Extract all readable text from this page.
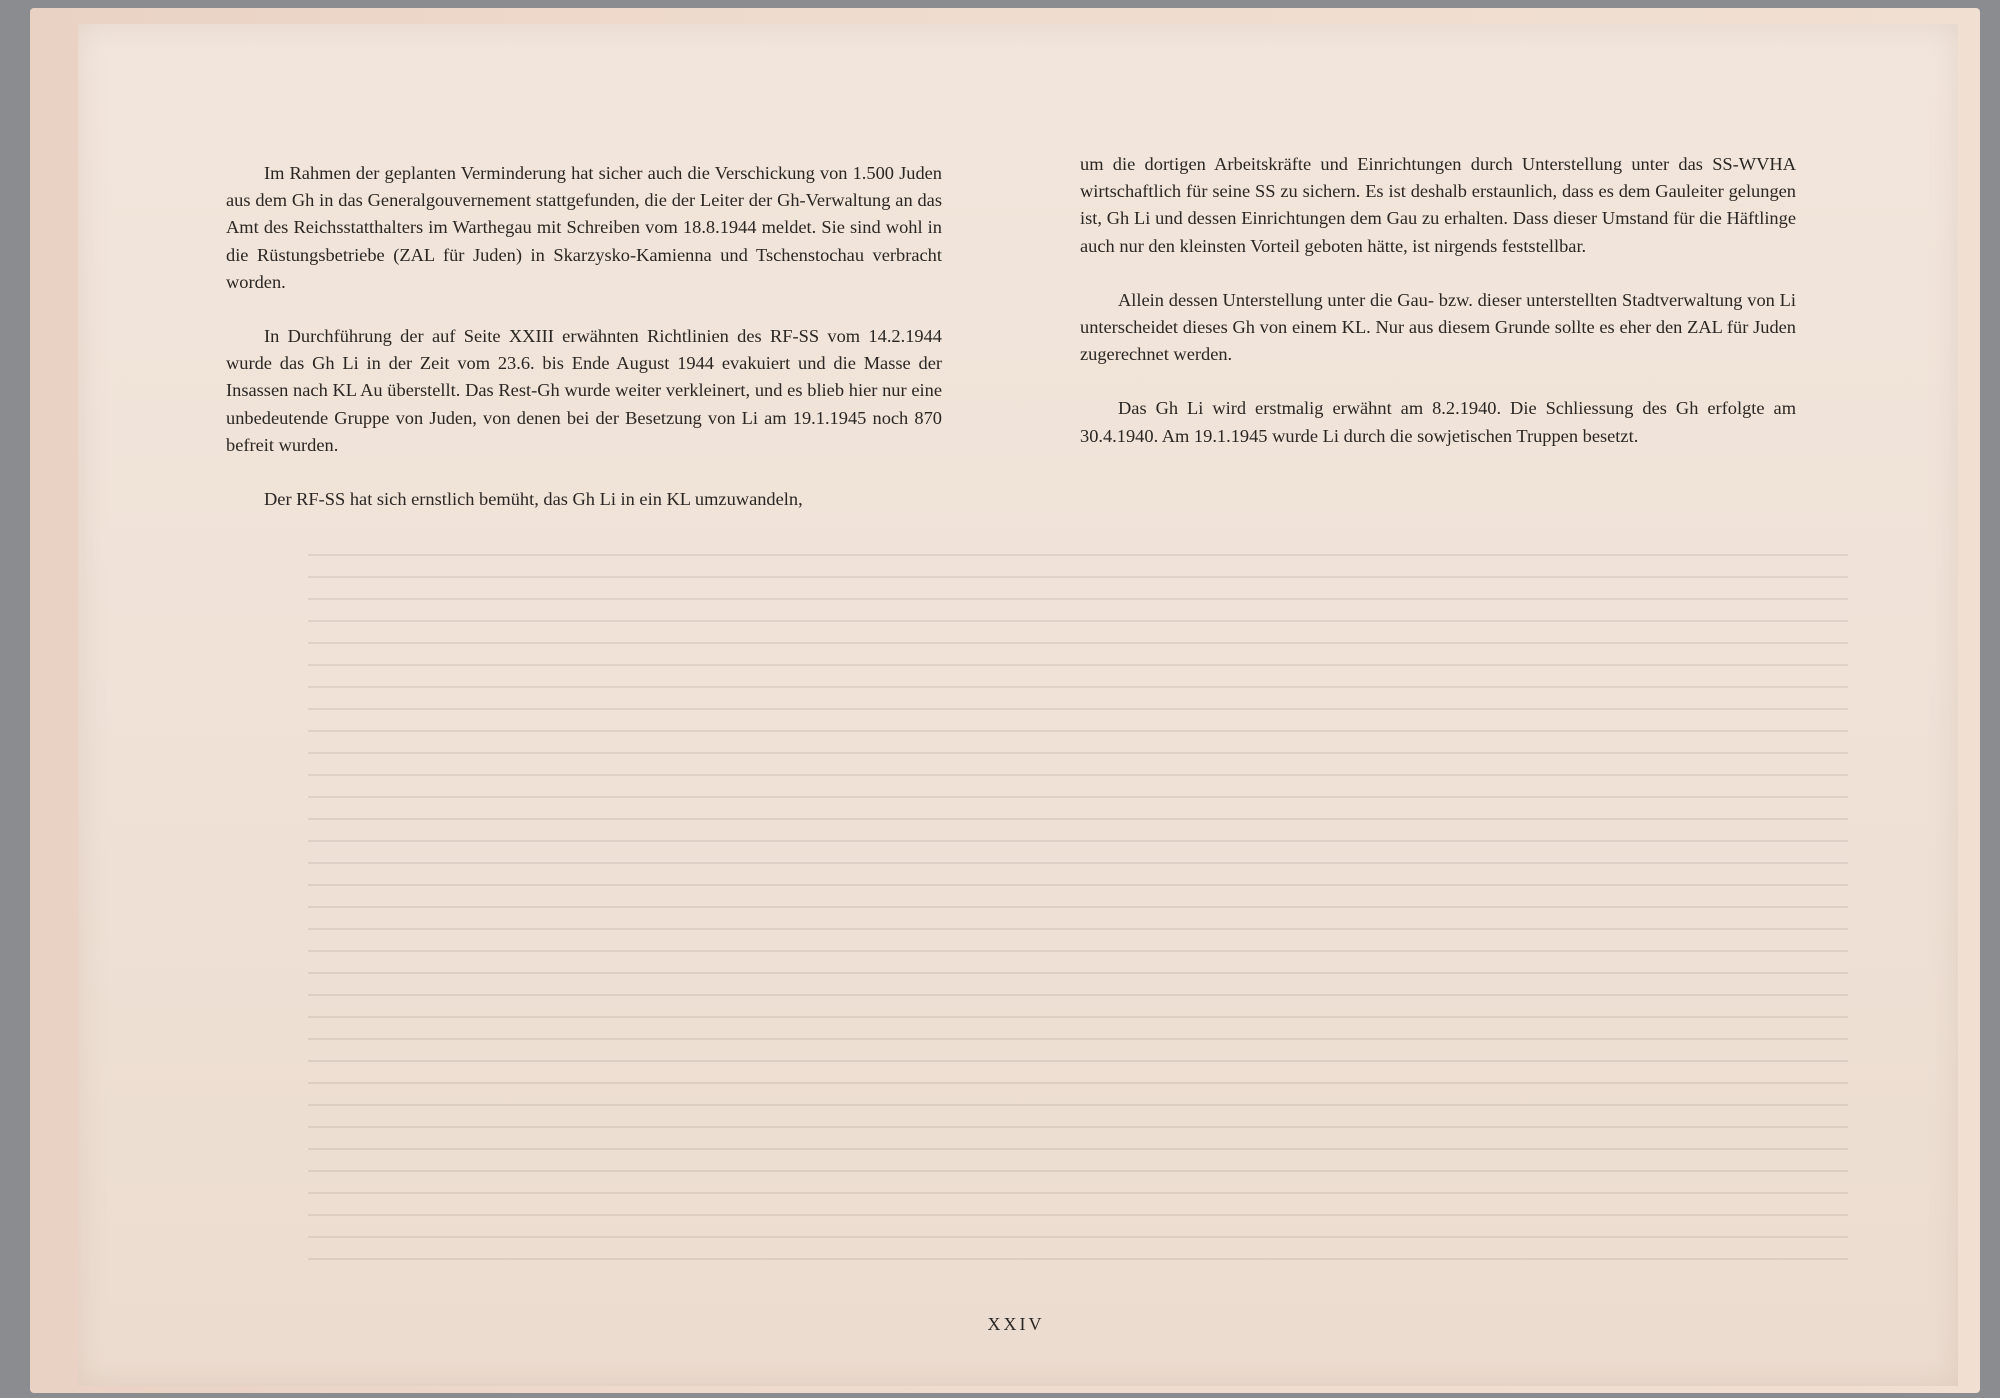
Im Rahmen der geplanten Verminderung hat sicher auch die Verschickung von 1.500 Juden aus dem Gh in das Generalgouvernement stattgefunden, die der Leiter der Gh-Verwaltung an das Amt des Reichsstatthalters im Warthegau mit Schreiben vom 18.8.1944 meldet. Sie sind wohl in die Rüstungsbetriebe (ZAL für Juden) in Skarzysko-Kamienna und Tschenstochau verbracht worden.

In Durchführung der auf Seite XXIII erwähnten Richtlinien des RF-SS vom 14.2.1944 wurde das Gh Li in der Zeit vom 23.6. bis Ende August 1944 evakuiert und die Masse der Insassen nach KL Au überstellt. Das Rest-Gh wurde weiter verkleinert, und es blieb hier nur eine unbedeutende Gruppe von Juden, von denen bei der Besetzung von Li am 19.1.1945 noch 870 befreit wurden.

Der RF-SS hat sich ernstlich bemüht, das Gh Li in ein KL umzuwandeln,

um die dortigen Arbeitskräfte und Einrichtungen durch Unterstellung unter das SS-WVHA wirtschaftlich für seine SS zu sichern. Es ist deshalb erstaunlich, dass es dem Gauleiter gelungen ist, Gh Li und dessen Einrichtungen dem Gau zu erhalten. Dass dieser Umstand für die Häftlinge auch nur den kleinsten Vorteil geboten hätte, ist nirgends feststellbar.

Allein dessen Unterstellung unter die Gau- bzw. dieser unterstellten Stadtverwaltung von Li unterscheidet dieses Gh von einem KL. Nur aus diesem Grunde sollte es eher den ZAL für Juden zugerechnet werden.

Das Gh Li wird erstmalig erwähnt am 8.2.1940. Die Schliessung des Gh erfolgte am 30.4.1940. Am 19.1.1945 wurde Li durch die sowjetischen Truppen besetzt.

XXIV
